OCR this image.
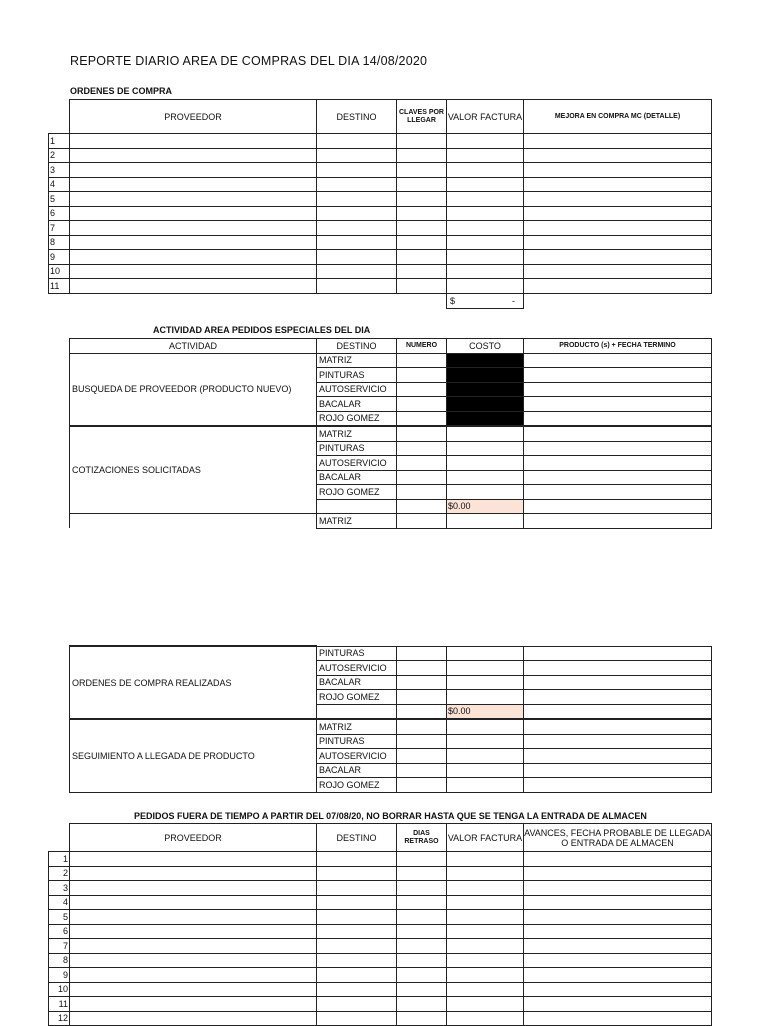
REPORTE DIARIO AREA DE COMPRAS DEL DIA 14/08/2020
ORDENES DE COMPRA
	PROVEEDOR	DESTINO	CLAVES POR LLEGAR	VALOR FACTURA	MEJORA EN COMPRA MC (DETALLE)
1					
2					
3					
4					
5					
6					
7					
8					
9					
10					
11					

				$ -	

ACTIVIDAD AREA PEDIDOS ESPECIALES DEL DIA
ACTIVIDAD	DESTINO	NUMERO	COSTO	PRODUCTO (s) + FECHA TERMINO
BUSQUEDA DE PROVEEDOR (PRODUCTO NUEVO)	MATRIZ			
	PINTURAS			
	AUTOSERVICIO			
	BACALAR			
	ROJO GOMEZ			
COTIZACIONES SOLICITADAS	MATRIZ			
	PINTURAS			
	AUTOSERVICIO			
	BACALAR			
	ROJO GOMEZ			
			$0.00	
	MATRIZ			
ORDENES DE COMPRA REALIZADAS	PINTURAS			
	AUTOSERVICIO			
	BACALAR			
	ROJO GOMEZ			
			$0.00	
SEGUIMIENTO A LLEGADA DE PRODUCTO	MATRIZ			
	PINTURAS			
	AUTOSERVICIO			
	BACALAR			
	ROJO GOMEZ			
PEDIDOS FUERA DE TIEMPO A PARTIR DEL 07/08/20, NO BORRAR HASTA QUE SE TENGA LA ENTRADA DE ALMACEN
	PROVEEDOR	DESTINO	DIAS RETRASO	VALOR FACTURA	AVANCES, FECHA PROBABLE DE LLEGADA O ENTRADA DE ALMACEN
1					
2					
3					
4					
5					
6					
7					
8					
9					
10					
11					
12					
